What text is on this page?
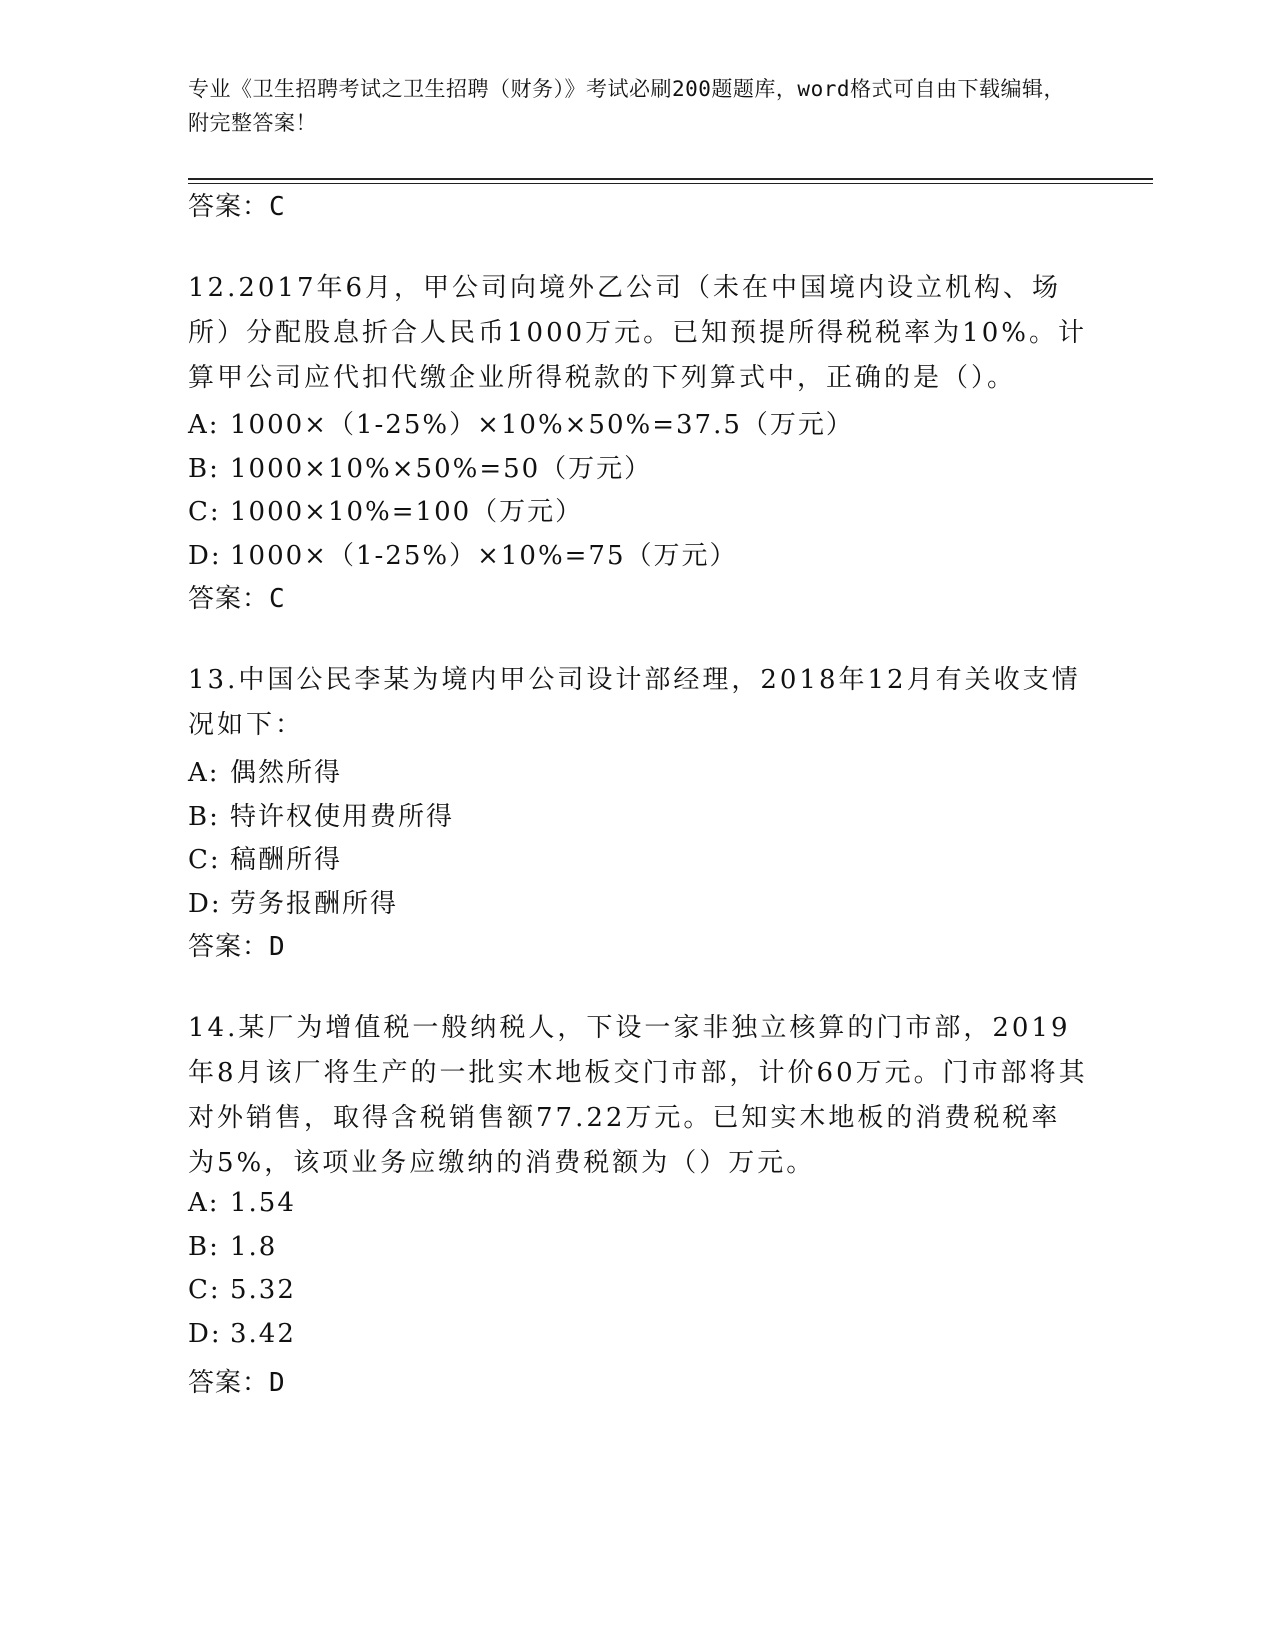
专业《卫生招聘考试之卫生招聘（财务）》考试必刷200题题库，word格式可自由下载编辑，附完整答案！
答案：C
12.2017年6月，甲公司向境外乙公司（未在中国境内设立机构、场所）分配股息折合人民币1000万元。已知预提所得税税率为10%。计算甲公司应代扣代缴企业所得税款的下列算式中，正确的是（）。
A: 1000×（1-25%）×10%×50%=37.5（万元）
B: 1000×10%×50%=50（万元）
C: 1000×10%=100（万元）
D: 1000×（1-25%）×10%=75（万元）
答案：C
13.中国公民李某为境内甲公司设计部经理，2018年12月有关收支情况如下：
A: 偶然所得
B: 特许权使用费所得
C: 稿酬所得
D: 劳务报酬所得
答案：D
14.某厂为增值税一般纳税人，下设一家非独立核算的门市部，2019年8月该厂将生产的一批实木地板交门市部，计价60万元。门市部将其对外销售，取得含税销售额77.22万元。已知实木地板的消费税税率为5%，该项业务应缴纳的消费税额为（）万元。
A: 1.54
B: 1.8
C: 5.32
D: 3.42
答案：D
